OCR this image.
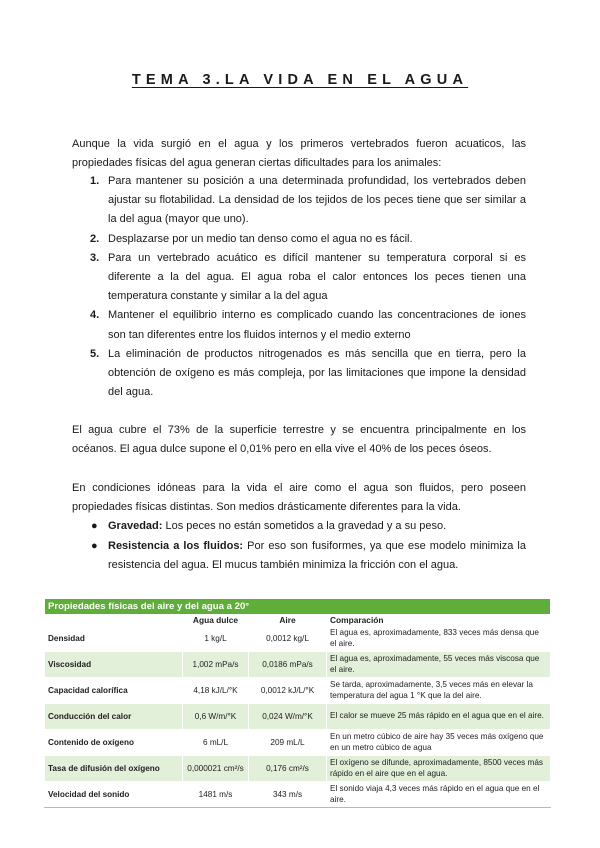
TEMA 3.LA VIDA EN EL AGUA

Aunque la vida surgió en el agua y los primeros vertebrados fueron acuaticos, las propiedades físicas del agua generan ciertas dificultades para los animales:

1. Para mantener su posición a una determinada profundidad, los vertebrados deben ajustar su flotabilidad. La densidad de los tejidos de los peces tiene que ser similar a la del agua (mayor que uno).
2. Desplazarse por un medio tan denso como el agua no es fácil.
3. Para un vertebrado acuático es difícil mantener su temperatura corporal si es diferente a la del agua. El agua roba el calor entonces los peces tienen una temperatura constante y similar a la del agua
4. Mantener el equilibrio interno es complicado cuando las concentraciones de iones son tan diferentes entre los fluidos internos y el medio externo
5. La eliminación de productos nitrogenados es más sencilla que en tierra, pero la obtención de oxígeno es más compleja, por las limitaciones que impone la densidad del agua.

El agua cubre el 73% de la superficie terrestre y se encuentra principalmente en los océanos. El agua dulce supone el 0,01% pero en ella vive el 40% de los peces óseos.

En condiciones idóneas para la vida el aire como el agua son fluidos, pero poseen propiedades físicas distintas. Son medios drásticamente diferentes para la vida.

● Gravedad: Los peces no están sometidos a la gravedad y a su peso.
● Resistencia a los fluidos: Por eso son fusiformes, ya que ese modelo minimiza la resistencia del agua. El mucus también minimiza la fricción con el agua.
Propiedades físicas del aire y del agua a 20°			
	Agua dulce	Aire	Comparación
Densidad	1 kg/L	0,0012 kg/L	El agua es, aproximadamente, 833 veces más densa que el aire.
Viscosidad	1,002 mPa/s	0,0186 mPa/s	El agua es, aproximadamente, 55 veces más viscosa que el aire.
Capacidad calorífica	4,18 kJ/L/°K	0,0012 kJ/L/°K	Se tarda, aproximadamente, 3,5 veces más en elevar la temperatura del agua 1 °K que la del aire.
Conducción del calor	0,6 W/m/°K	0,024 W/m/°K	El calor se mueve 25 más rápido en el agua que en el aire.
Contenido de oxígeno	6 mL/L	209 mL/L	En un metro cúbico de aire hay 35 veces más oxígeno que en un metro cúbico de agua
Tasa de difusión del oxígeno	0,000021 cm²/s	0,176 cm²/s	El oxígeno se difunde, aproximadamente, 8500 veces más rápido en el aire que en el agua.
Velocidad del sonido	1481 m/s	343 m/s	El sonido viaja 4,3 veces más rápido en el agua que en el aire.
